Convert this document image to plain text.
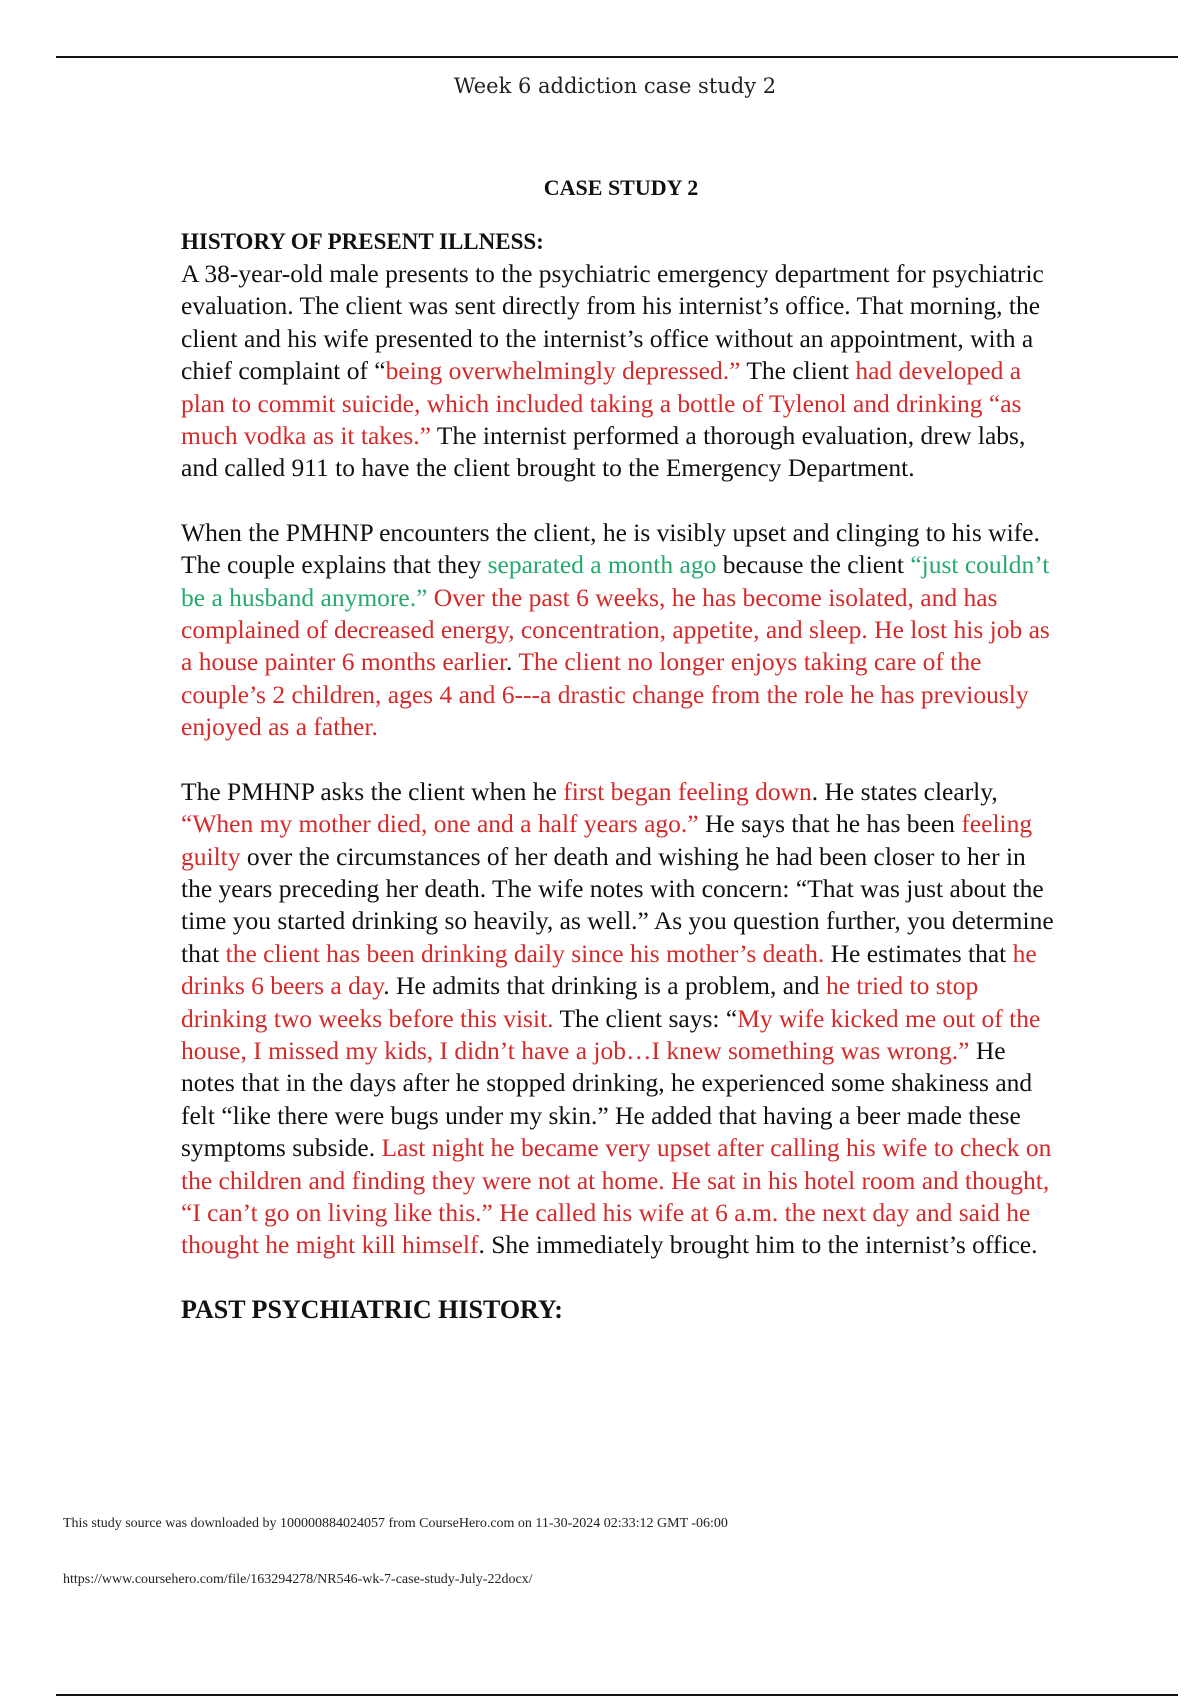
Week 6 addiction case study 2
CASE STUDY 2
HISTORY OF PRESENT ILLNESS:

A 38-year-old male presents to the psychiatric emergency department for psychiatric evaluation. The client was sent directly from his internist’s office. That morning, the client and his wife presented to the internist’s office without an appointment, with a chief complaint of “being overwhelmingly depressed.” The client had developed a plan to commit suicide, which included taking a bottle of Tylenol and drinking “as much vodka as it takes.” The internist performed a thorough evaluation, drew labs, and called 911 to have the client brought to the Emergency Department.

When the PMHNP encounters the client, he is visibly upset and clinging to his wife. The couple explains that they separated a month ago because the client “just couldn’t be a husband anymore.” Over the past 6 weeks, he has become isolated, and has complained of decreased energy, concentration, appetite, and sleep. He lost his job as a house painter 6 months earlier. The client no longer enjoys taking care of the couple’s 2 children, ages 4 and 6---a drastic change from the role he has previously enjoyed as a father.

The PMHNP asks the client when he first began feeling down. He states clearly, “When my mother died, one and a half years ago.” He says that he has been feeling guilty over the circumstances of her death and wishing he had been closer to her in the years preceding her death. The wife notes with concern: “That was just about the time you started drinking so heavily, as well.” As you question further, you determine that the client has been drinking daily since his mother’s death. He estimates that he drinks 6 beers a day. He admits that drinking is a problem, and he tried to stop drinking two weeks before this visit. The client says: “My wife kicked me out of the house, I missed my kids, I didn’t have a job…I knew something was wrong.” He notes that in the days after he stopped drinking, he experienced some shakiness and felt “like there were bugs under my skin.” He added that having a beer made these symptoms subside. Last night he became very upset after calling his wife to check on the children and finding they were not at home. He sat in his hotel room and thought, “I can’t go on living like this.” He called his wife at 6 a.m. the next day and said he thought he might kill himself. She immediately brought him to the internist’s office.

PAST PSYCHIATRIC HISTORY:
This study source was downloaded by 100000884024057 from CourseHero.com on 11-30-2024 02:33:12 GMT -06:00
https://www.coursehero.com/file/163294278/NR546-wk-7-case-study-July-22docx/
